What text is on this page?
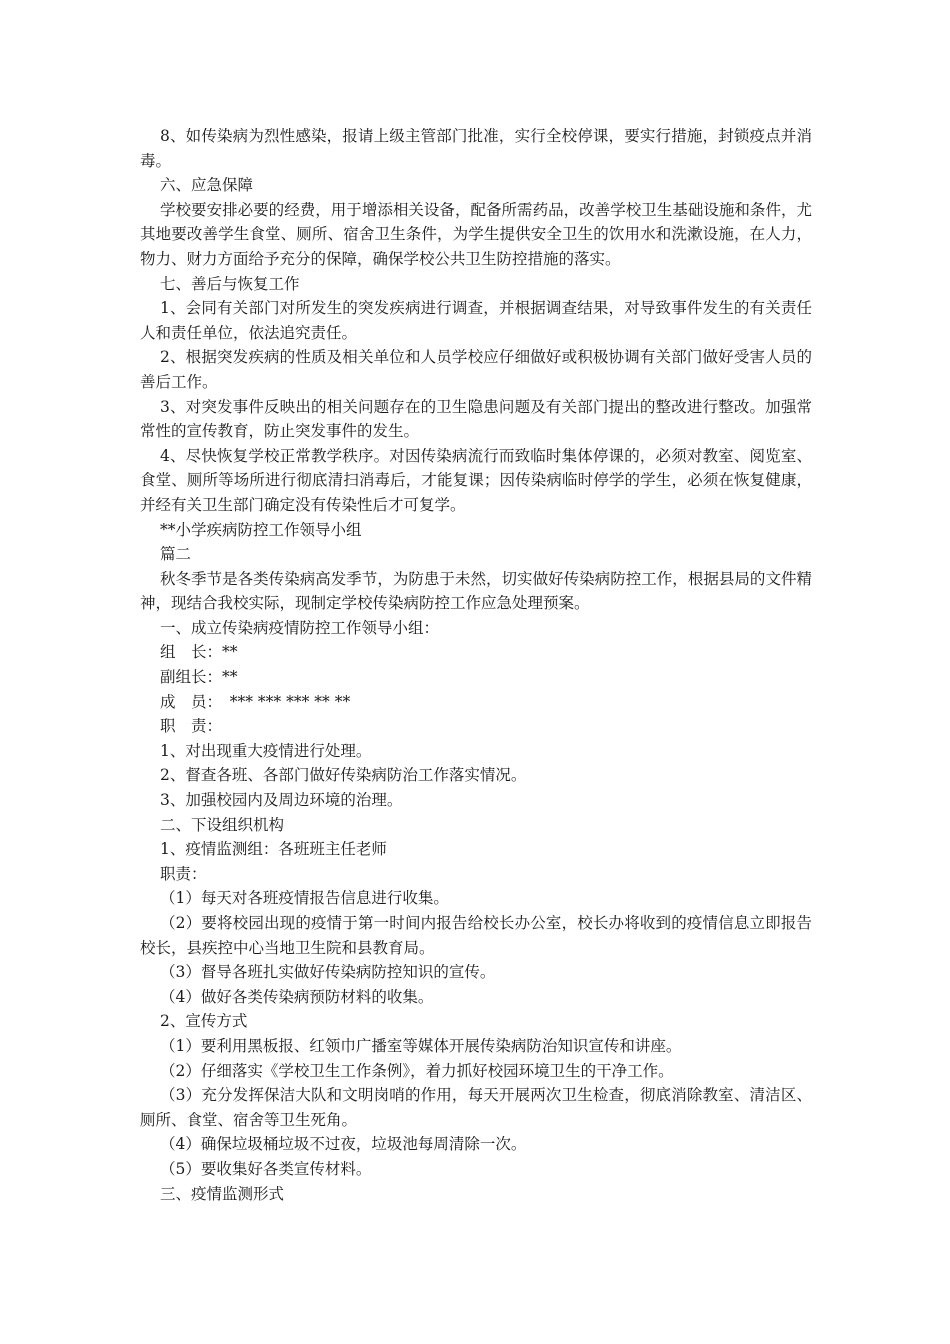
8、如传染病为烈性感染，报请上级主管部门批准，实行全校停课，要实行措施，封锁疫点并消毒。

六、应急保障

学校要安排必要的经费，用于增添相关设备，配备所需药品，改善学校卫生基础设施和条件，尤其地要改善学生食堂、厕所、宿舍卫生条件，为学生提供安全卫生的饮用水和洗漱设施，在人力，物力、财力方面给予充分的保障，确保学校公共卫生防控措施的落实。

七、善后与恢复工作

1、会同有关部门对所发生的突发疾病进行调查，并根据调查结果，对导致事件发生的有关责任人和责任单位，依法追究责任。

2、根据突发疾病的性质及相关单位和人员学校应仔细做好或积极协调有关部门做好受害人员的善后工作。

3、对突发事件反映出的相关问题存在的卫生隐患问题及有关部门提出的整改进行整改。加强常常性的宣传教育，防止突发事件的发生。

4、尽快恢复学校正常教学秩序。对因传染病流行而致临时集体停课的，必须对教室、阅览室、食堂、厕所等场所进行彻底清扫消毒后，才能复课；因传染病临时停学的学生，必须在恢复健康，并经有关卫生部门确定没有传染性后才可复学。

**小学疾病防控工作领导小组

篇二

秋冬季节是各类传染病高发季节，为防患于未然，切实做好传染病防控工作，根据县局的文件精神，现结合我校实际，现制定学校传染病防控工作应急处理预案。

一、成立传染病疫情防控工作领导小组：

组　长：**

副组长：**

成　员：　*** *** *** ** **

职　责：

1、对出现重大疫情进行处理。

2、督查各班、各部门做好传染病防治工作落实情况。

3、加强校园内及周边环境的治理。

二、下设组织机构

1、疫情监测组：各班班主任老师

职责：

（1）每天对各班疫情报告信息进行收集。

（2）要将校园出现的疫情于第一时间内报告给校长办公室，校长办将收到的疫情信息立即报告校长，县疾控中心当地卫生院和县教育局。

（3）督导各班扎实做好传染病防控知识的宣传。

（4）做好各类传染病预防材料的收集。

2、宣传方式

（1）要利用黑板报、红领巾广播室等媒体开展传染病防治知识宣传和讲座。

（2）仔细落实《学校卫生工作条例》，着力抓好校园环境卫生的干净工作。

（3）充分发挥保洁大队和文明岗哨的作用，每天开展两次卫生检查，彻底消除教室、清洁区、厕所、食堂、宿舍等卫生死角。

（4）确保垃圾桶垃圾不过夜，垃圾池每周清除一次。

（5）要收集好各类宣传材料。

三、疫情监测形式
